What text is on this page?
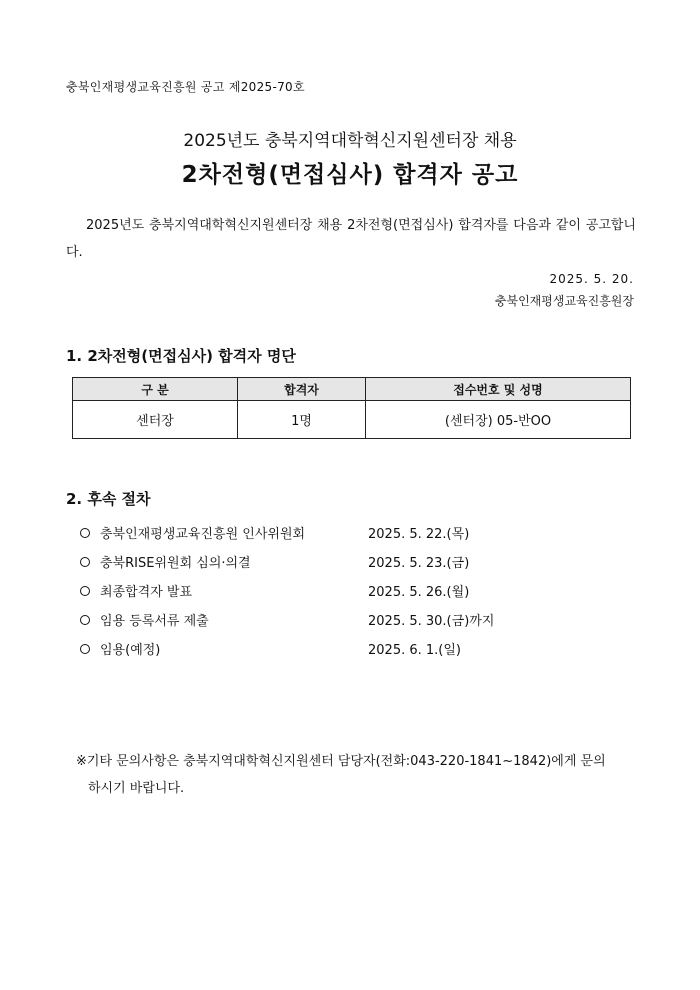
충북인재평생교육진흥원 공고 제2025-70호
2025년도 충북지역대학혁신지원센터장 채용
2차전형(면접심사) 합격자 공고
2025년도 충북지역대학혁신지원센터장 채용 2차전형(면접심사) 합격자를 다음과 같이 공고합니다.
2025. 5. 20.
충북인재평생교육진흥원장
1. 2차전형(면접심사) 합격자 명단
구 분	합격자	접수번호 및 성명
센터장	1명	(센터장) 05-반OO
2. 후속 절차
충북인재평생교육진흥원 인사위원회	2025. 5. 22.(목)
충북RISE위원회 심의·의결	2025. 5. 23.(금)
최종합격자 발표	2025. 5. 26.(월)
임용 등록서류 제출	2025. 5. 30.(금)까지
임용(예정)	2025. 6. 1.(일)
※기타 문의사항은 충북지역대학혁신지원센터 담당자(전화:043-220-1841~1842)에게 문의
하시기 바랍니다.
